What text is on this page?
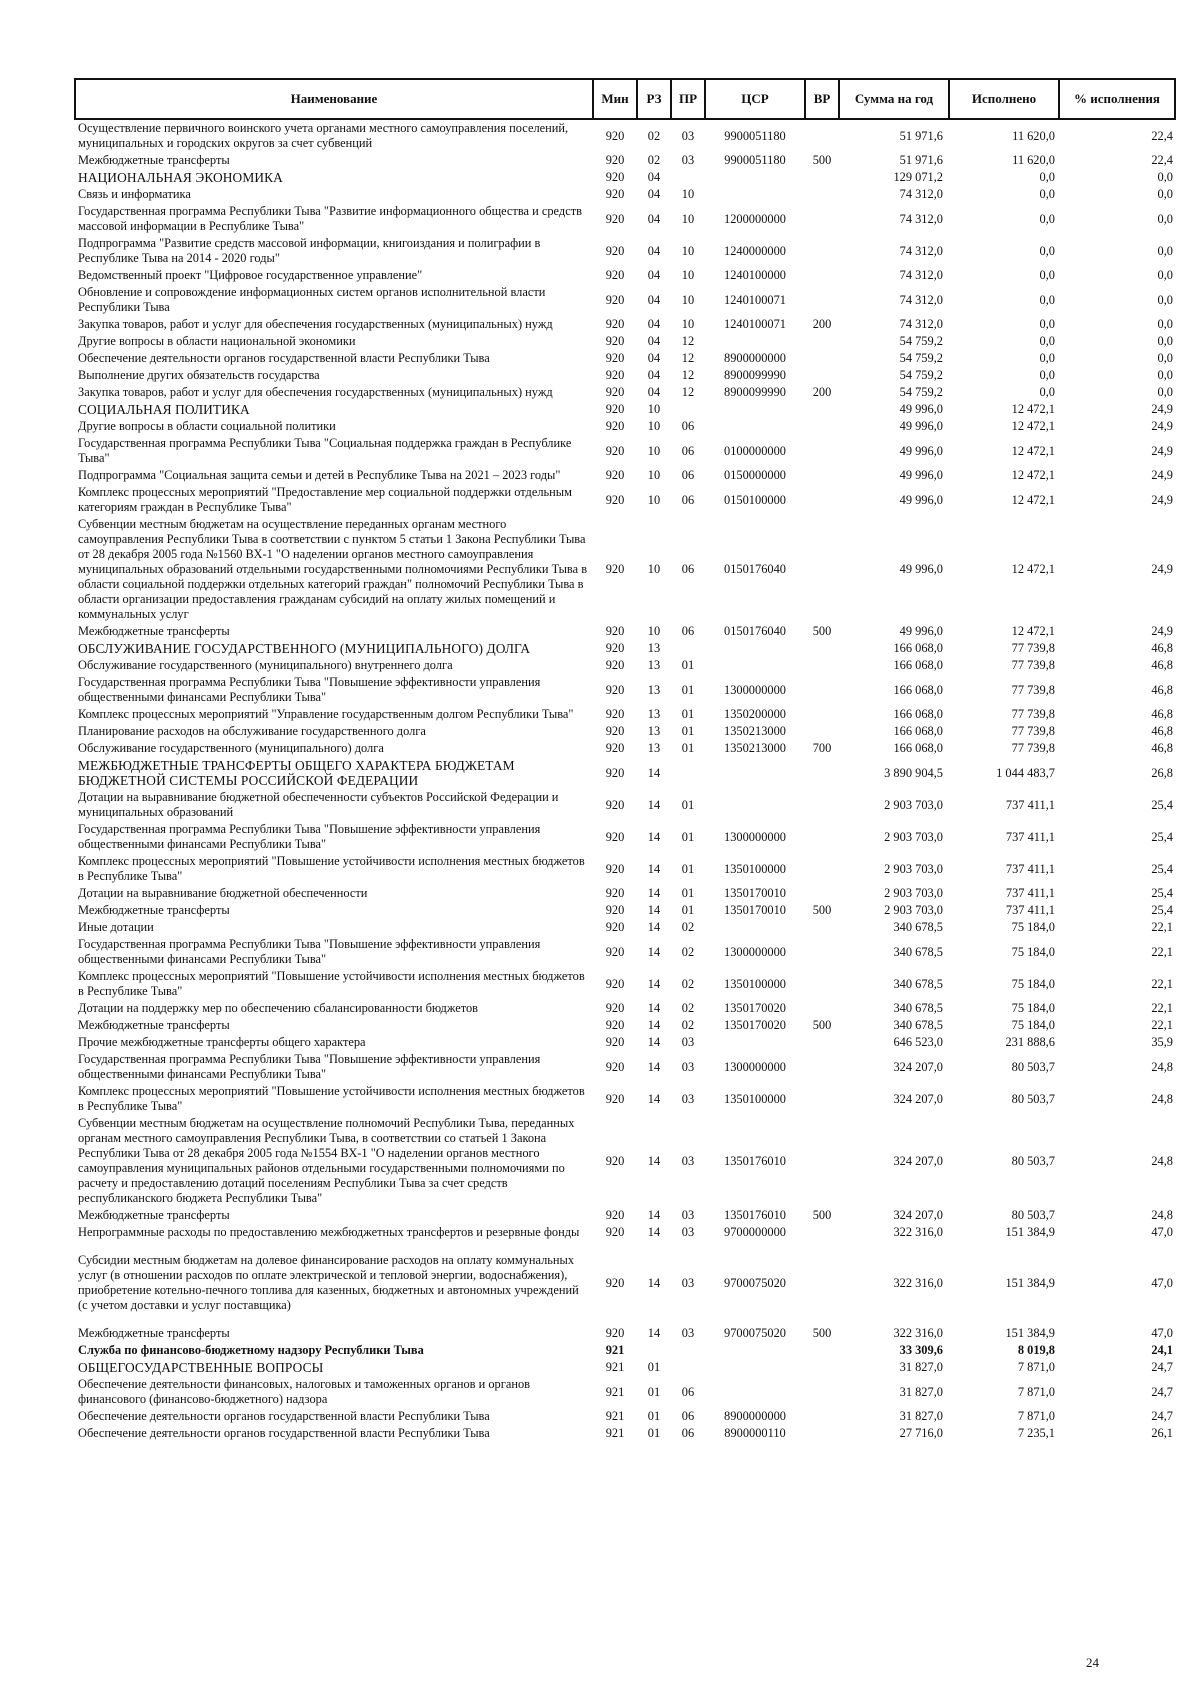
Наименование	Мин	РЗ	ПР	ЦСР	ВР	Сумма на год	Исполнено	% исполнения
Осуществление первичного воинского учета органами местного самоуправления поселений, муниципальных и городских округов за счет субвенций	920	02	03	9900051180		51 971,6	11 620,0	22,4
Межбюджетные трансферты	920	02	03	9900051180	500	51 971,6	11 620,0	22,4
НАЦИОНАЛЬНАЯ ЭКОНОМИКА	920	04				129 071,2	0,0	0,0
Связь и информатика	920	04	10			74 312,0	0,0	0,0
Государственная программа Республики Тыва "Развитие информационного общества и средств массовой информации в Республике Тыва"	920	04	10	1200000000		74 312,0	0,0	0,0
Подпрограмма "Развитие средств массовой информации, книгоиздания и полиграфии в Республике Тыва на 2014 - 2020 годы"	920	04	10	1240000000		74 312,0	0,0	0,0
Ведомственный проект "Цифровое государственное управление"	920	04	10	1240100000		74 312,0	0,0	0,0
Обновление и сопровождение информационных систем органов исполнительной власти Республики Тыва	920	04	10	1240100071		74 312,0	0,0	0,0
Закупка товаров, работ и услуг для обеспечения государственных (муниципальных) нужд	920	04	10	1240100071	200	74 312,0	0,0	0,0
Другие вопросы в области национальной экономики	920	04	12			54 759,2	0,0	0,0
Обеспечение деятельности органов государственной власти Республики Тыва	920	04	12	8900000000		54 759,2	0,0	0,0
Выполнение других обязательств государства	920	04	12	8900099990		54 759,2	0,0	0,0
Закупка товаров, работ и услуг для обеспечения государственных (муниципальных) нужд	920	04	12	8900099990	200	54 759,2	0,0	0,0
СОЦИАЛЬНАЯ ПОЛИТИКА	920	10				49 996,0	12 472,1	24,9
Другие вопросы в области социальной политики	920	10	06			49 996,0	12 472,1	24,9
Государственная программа Республики Тыва "Социальная поддержка граждан в Республике Тыва"	920	10	06	0100000000		49 996,0	12 472,1	24,9
Подпрограмма "Социальная защита семьи и детей в Республике Тыва на 2021 – 2023 годы"	920	10	06	0150000000		49 996,0	12 472,1	24,9
Комплекс процессных мероприятий "Предоставление мер социальной поддержки отдельным категориям граждан в Республике Тыва"	920	10	06	0150100000		49 996,0	12 472,1	24,9
Субвенции местным бюджетам на осуществление переданных органам местного самоуправления Республики Тыва в соответствии с пунктом 5 статьи 1 Закона Республики Тыва от 28 декабря 2005 года №1560 ВХ-1 "О наделении органов местного самоуправления муниципальных образований отдельными государственными полномочиями Республики Тыва в области социальной поддержки отдельных категорий граждан" полномочий Республики Тыва в области организации предоставления гражданам субсидий на оплату жилых помещений и коммунальных услуг	920	10	06	0150176040		49 996,0	12 472,1	24,9
Межбюджетные трансферты	920	10	06	0150176040	500	49 996,0	12 472,1	24,9
ОБСЛУЖИВАНИЕ ГОСУДАРСТВЕННОГО (МУНИЦИПАЛЬНОГО) ДОЛГА	920	13				166 068,0	77 739,8	46,8
Обслуживание государственного (муниципального) внутреннего долга	920	13	01			166 068,0	77 739,8	46,8
Государственная программа Республики Тыва "Повышение эффективности управления общественными финансами Республики Тыва"	920	13	01	1300000000		166 068,0	77 739,8	46,8
Комплекс процессных мероприятий "Управление государственным долгом Республики Тыва"	920	13	01	1350200000		166 068,0	77 739,8	46,8
Планирование расходов на обслуживание государственного долга	920	13	01	1350213000		166 068,0	77 739,8	46,8
Обслуживание государственного (муниципального) долга	920	13	01	1350213000	700	166 068,0	77 739,8	46,8
МЕЖБЮДЖЕТНЫЕ ТРАНСФЕРТЫ ОБЩЕГО ХАРАКТЕРА БЮДЖЕТАМ БЮДЖЕТНОЙ СИСТЕМЫ РОССИЙСКОЙ ФЕДЕРАЦИИ	920	14				3 890 904,5	1 044 483,7	26,8
Дотации на выравнивание бюджетной обеспеченности субъектов Российской Федерации и муниципальных образований	920	14	01			2 903 703,0	737 411,1	25,4
Государственная программа Республики Тыва "Повышение эффективности управления общественными финансами Республики Тыва"	920	14	01	1300000000		2 903 703,0	737 411,1	25,4
Комплекс процессных мероприятий "Повышение устойчивости исполнения местных бюджетов в Республике Тыва"	920	14	01	1350100000		2 903 703,0	737 411,1	25,4
Дотации на выравнивание бюджетной обеспеченности	920	14	01	1350170010		2 903 703,0	737 411,1	25,4
Межбюджетные трансферты	920	14	01	1350170010	500	2 903 703,0	737 411,1	25,4
Иные дотации	920	14	02			340 678,5	75 184,0	22,1
Государственная программа Республики Тыва "Повышение эффективности управления общественными финансами Республики Тыва"	920	14	02	1300000000		340 678,5	75 184,0	22,1
Комплекс процессных мероприятий "Повышение устойчивости исполнения местных бюджетов в Республике Тыва"	920	14	02	1350100000		340 678,5	75 184,0	22,1
Дотации на поддержку мер по обеспечению сбалансированности бюджетов	920	14	02	1350170020		340 678,5	75 184,0	22,1
Межбюджетные трансферты	920	14	02	1350170020	500	340 678,5	75 184,0	22,1
Прочие межбюджетные трансферты общего характера	920	14	03			646 523,0	231 888,6	35,9
Государственная программа Республики Тыва "Повышение эффективности управления общественными финансами Республики Тыва"	920	14	03	1300000000		324 207,0	80 503,7	24,8
Комплекс процессных мероприятий "Повышение устойчивости исполнения местных бюджетов в Республике Тыва"	920	14	03	1350100000		324 207,0	80 503,7	24,8
Субвенции местным бюджетам на осуществление полномочий Республики Тыва, переданных органам местного самоуправления Республики Тыва, в соответствии со статьей 1 Закона Республики Тыва от 28 декабря 2005 года №1554 ВХ-1 "О наделении органов местного самоуправления муниципальных районов отдельными государственными полномочиями по расчету и предоставлению дотаций поселениям Республики Тыва за счет средств республиканского бюджета Республики Тыва"	920	14	03	1350176010		324 207,0	80 503,7	24,8
Межбюджетные трансферты	920	14	03	1350176010	500	324 207,0	80 503,7	24,8
Непрограммные расходы по предоставлению межбюджетных трансфертов и резервные фонды	920	14	03	9700000000		322 316,0	151 384,9	47,0
Субсидии местным бюджетам на долевое финансирование расходов на оплату коммунальных услуг (в отношении расходов по оплате электрической и тепловой энергии, водоснабжения), приобретение котельно-печного топлива для казенных, бюджетных и автономных учреждений (с учетом доставки и услуг поставщика)	920	14	03	9700075020		322 316,0	151 384,9	47,0
Межбюджетные трансферты	920	14	03	9700075020	500	322 316,0	151 384,9	47,0
Служба по финансово-бюджетному надзору Республики Тыва	921					33 309,6	8 019,8	24,1
ОБЩЕГОСУДАРСТВЕННЫЕ ВОПРОСЫ	921	01				31 827,0	7 871,0	24,7
Обеспечение деятельности финансовых, налоговых и таможенных органов и органов финансового (финансово-бюджетного) надзора	921	01	06			31 827,0	7 871,0	24,7
Обеспечение деятельности органов государственной власти Республики Тыва	921	01	06	8900000000		31 827,0	7 871,0	24,7
Обеспечение деятельности органов государственной власти Республики Тыва	921	01	06	8900000110		27 716,0	7 235,1	26,1
24
